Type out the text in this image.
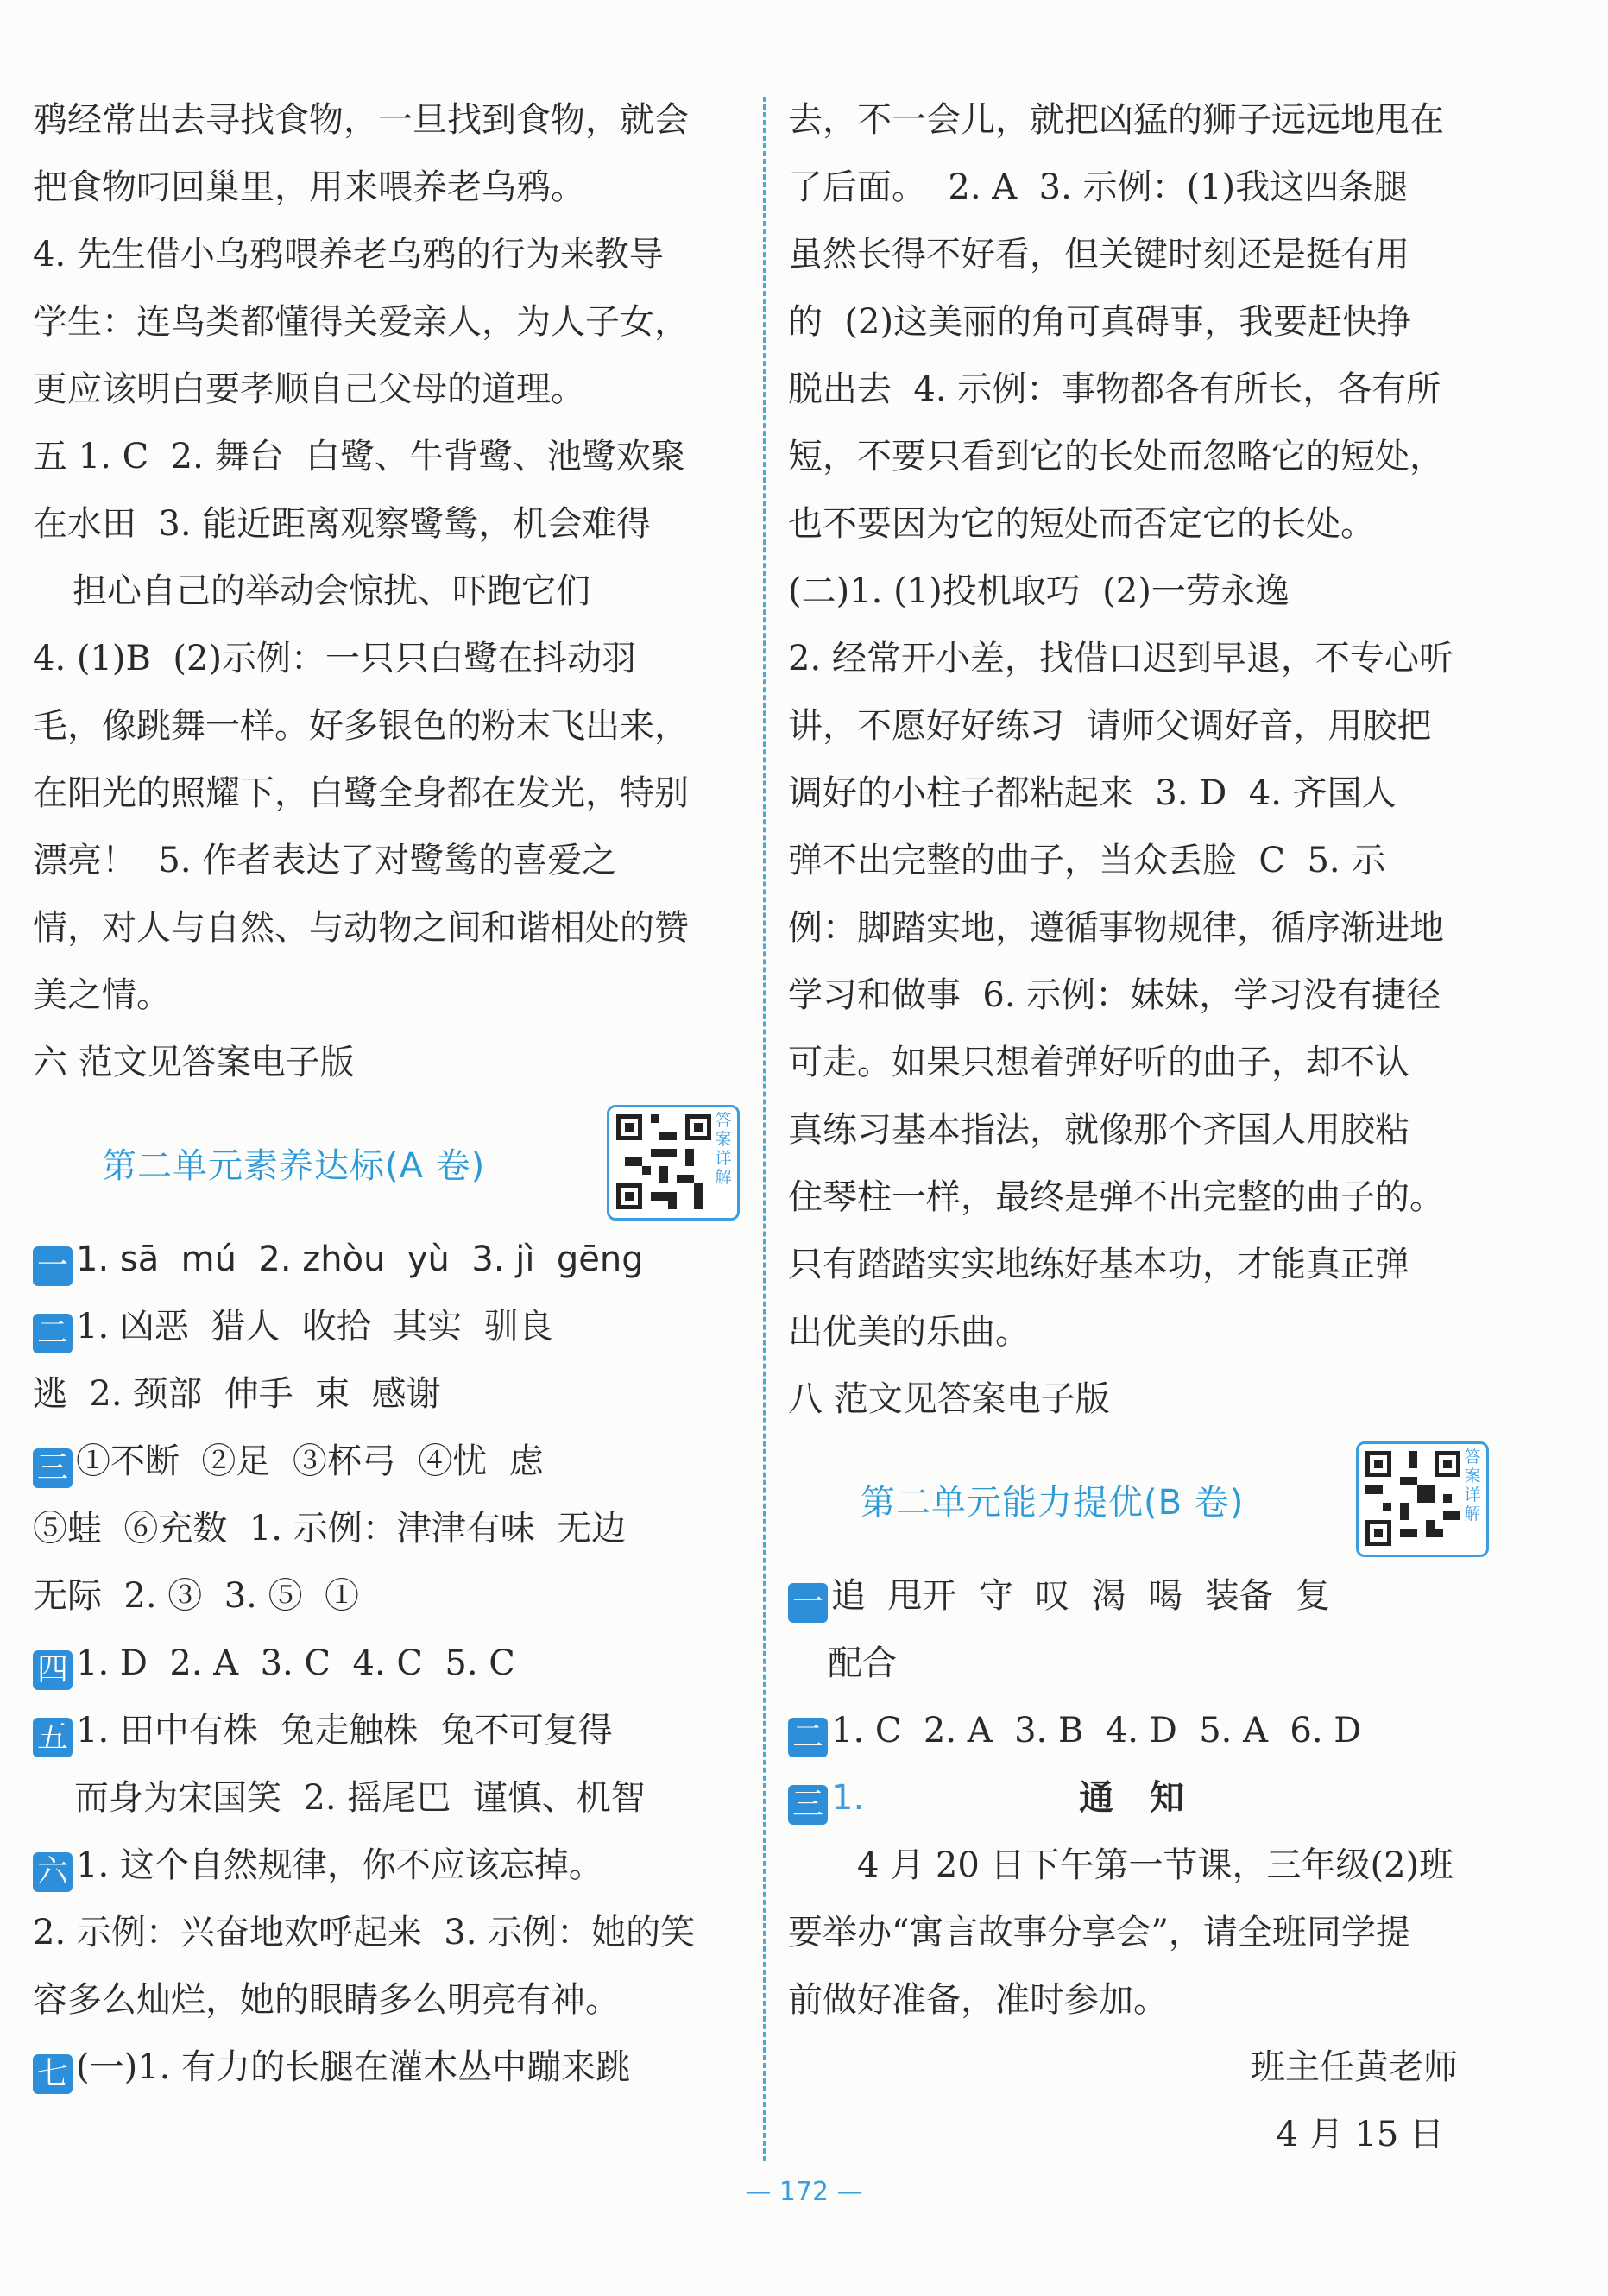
鸦经常出去寻找食物，一旦找到食物，就会
把食物叼回巢里，用来喂养老乌鸦。
4. 先生借小乌鸦喂养老乌鸦的行为来教导
学生：连鸟类都懂得关爱亲人，为人子女，
更应该明白要孝顺自己父母的道理。
五 1. C  2. 舞台  白鹭、牛背鹭、池鹭欢聚
在水田  3. 能近距离观察鹭鸶，机会难得
担心自己的举动会惊扰、吓跑它们
4. (1)B  (2)示例：一只只白鹭在抖动羽
毛，像跳舞一样。好多银色的粉末飞出来，
在阳光的照耀下，白鹭全身都在发光，特别
漂亮！  5. 作者表达了对鹭鸶的喜爱之
情，对人与自然、与动物之间和谐相处的赞
美之情。
六 范文见答案电子版
第二单元素养达标(A 卷)
答案详解
一 1. sā  mú  2. zhòu  yù  3. jì  gēng
二 1. 凶恶  猎人  收拾  其实  驯良
逃  2. 颈部  伸手  束  感谢
三 ①不断  ②足  ③杯弓  ④忧  虑
⑤蛙  ⑥充数  1. 示例：津津有味  无边
无际  2. ③  3. ⑤  ①
四 1. D  2. A  3. C  4. C  5. C
五 1. 田中有株  兔走触株  兔不可复得
而身为宋国笑  2. 摇尾巴  谨慎、机智
六 1. 这个自然规律，你不应该忘掉。
2. 示例：兴奋地欢呼起来  3. 示例：她的笑
容多么灿烂，她的眼睛多么明亮有神。
七 (一)1. 有力的长腿在灌木丛中蹦来跳
去，不一会儿，就把凶猛的狮子远远地甩在
了后面。  2. A  3. 示例：(1)我这四条腿
虽然长得不好看，但关键时刻还是挺有用
的  (2)这美丽的角可真碍事，我要赶快挣
脱出去  4. 示例：事物都各有所长，各有所
短，不要只看到它的长处而忽略它的短处，
也不要因为它的短处而否定它的长处。
(二)1. (1)投机取巧  (2)一劳永逸
2. 经常开小差，找借口迟到早退，不专心听
讲，不愿好好练习  请师父调好音，用胶把
调好的小柱子都粘起来  3. D  4. 齐国人
弹不出完整的曲子，当众丢脸  C  5. 示
例：脚踏实地，遵循事物规律，循序渐进地
学习和做事  6. 示例：妹妹，学习没有捷径
可走。如果只想着弹好听的曲子，却不认
真练习基本指法，就像那个齐国人用胶粘
住琴柱一样，最终是弹不出完整的曲子的。
只有踏踏实实地练好基本功，才能真正弹
出优美的乐曲。
八 范文见答案电子版
第二单元能力提优(B 卷)
答案详解
一 追  甩开  守  叹  渴  喝  装备  复
配合
二 1. C  2. A  3. B  4. D  5. A  6. D
三 1.	通   知
4 月 20 日下午第一节课，三年级(2)班
要举办“寓言故事分享会”，请全班同学提
前做好准备，准时参加。
班主任黄老师
4 月 15 日
— 172 —
